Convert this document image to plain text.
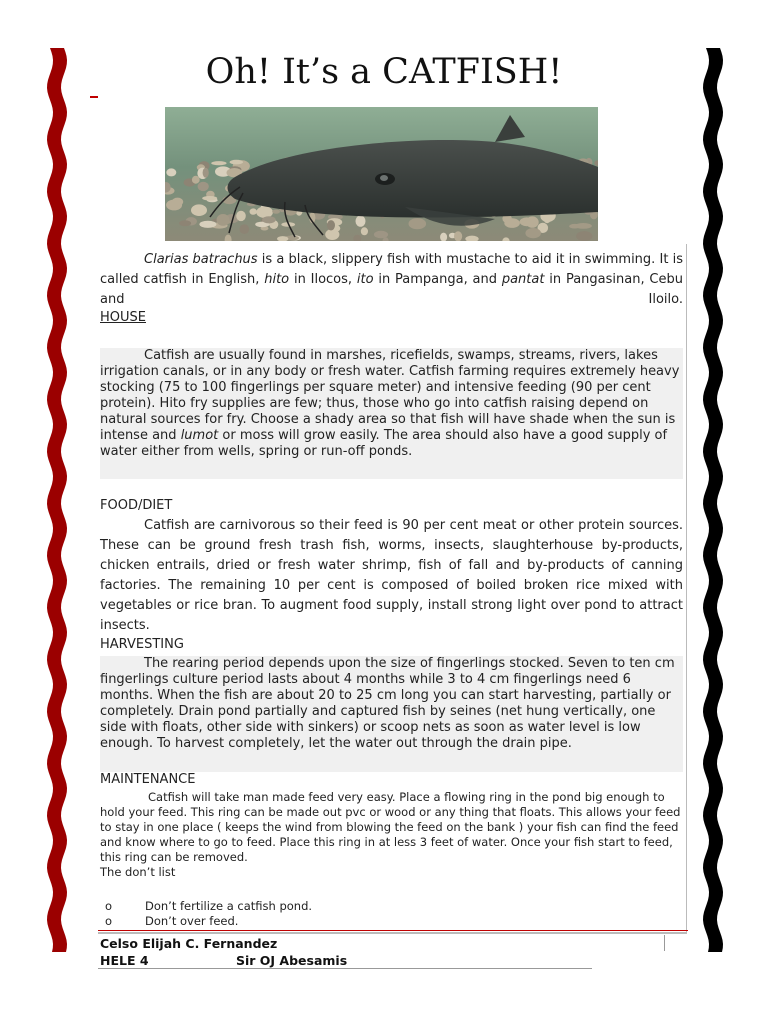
Oh! It’s a CATFISH!

Clarias batrachus is a black, slippery fish with mustache to aid it in swimming. It is called catfish in English, hito in Ilocos, ito in Pampanga, and pantat in Pangasinan, Cebu and Iloilo.

HOUSE

Catfish are usually found in marshes, ricefields, swamps, streams, rivers, lakes irrigation canals, or in any body or fresh water. Catfish farming requires extremely heavy stocking (75 to 100 fingerlings per square meter) and intensive feeding (90 per cent protein). Hito fry supplies are few; thus, those who go into catfish raising depend on natural sources for fry. Choose a shady area so that fish will have shade when the sun is intense and lumot or moss will grow easily. The area should also have a good supply of water either from wells, spring or run-off ponds.

FOOD/DIET

Catfish are carnivorous so their feed is 90 per cent meat or other protein sources. These can be ground fresh trash fish, worms, insects, slaughterhouse by-products, chicken entrails, dried or fresh water shrimp, fish of fall and by-products of canning factories. The remaining 10 per cent is composed of boiled broken rice mixed with vegetables or rice bran. To augment food supply, install strong light over pond to attract insects.

HARVESTING

The rearing period depends upon the size of fingerlings stocked. Seven to ten cm fingerlings culture period lasts about 4 months while 3 to 4 cm fingerlings need 6 months. When the fish are about 20 to 25 cm long you can start harvesting, partially or completely. Drain pond partially and captured fish by seines (net hung vertically, one side with floats, other side with sinkers) or scoop nets as soon as water level is low enough. To harvest completely, let the water out through the drain pipe.

MAINTENANCE

Catfish will take man made feed very easy. Place a flowing ring in the pond big enough to hold your feed. This ring can be made out pvc or wood or any thing that floats. This allows your feed to stay in one place ( keeps the wind from blowing the feed on the bank ) your fish can find the feed and know where to go to feed. Place this ring in at less 3 feet of water. Once your fish start to feed, this ring can be removed.

The don’t list
o	Don’t fertilize a catfish pond.
o	Don’t over feed.
Celso Elijah C. Fernandez
HELE 4	Sir OJ Abesamis
